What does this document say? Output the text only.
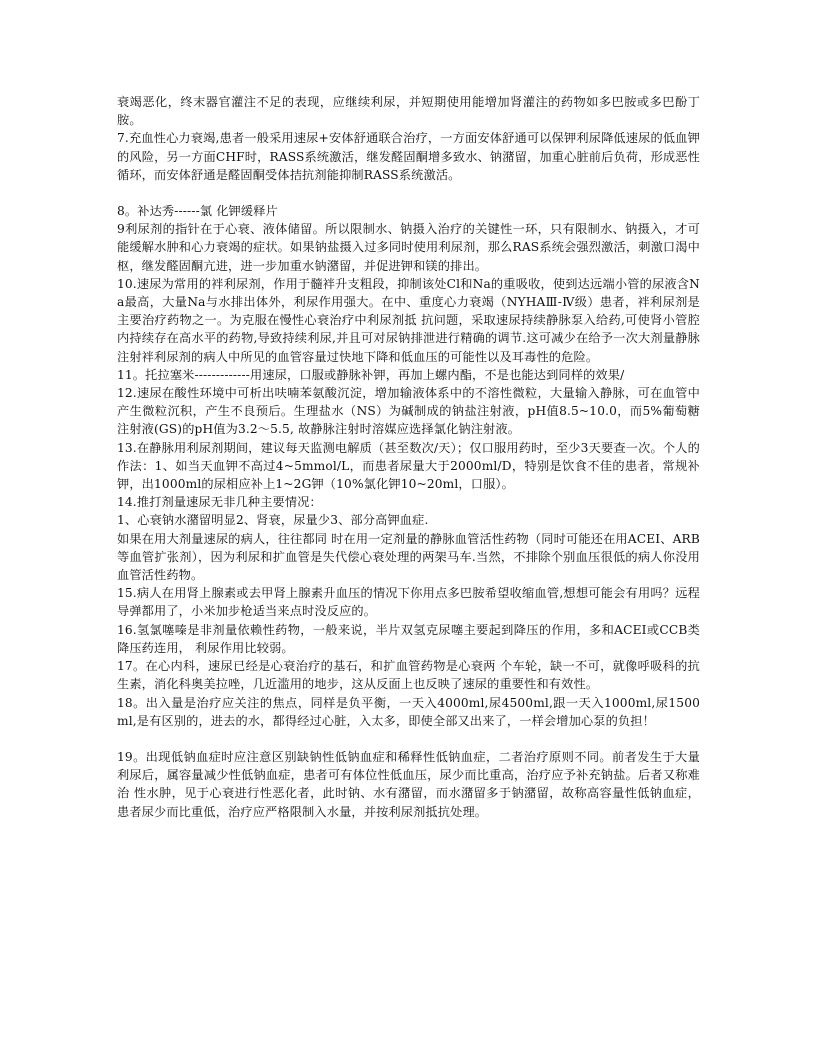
衰竭恶化，终末器官灌注不足的表现，应继续利尿，并短期使用能增加肾灌注的药物如多巴胺或多巴酚丁胺。

7.充血性心力衰竭,患者一般采用速尿+安体舒通联合治疗，一方面安体舒通可以保钾利尿降低速尿的低血钾的风险，另一方面CHF时，RASS系统激活，继发醛固酮增多致水、钠潴留，加重心脏前后负荷，形成恶性循环，而安体舒通是醛固酮受体拮抗剂能抑制RASS系统激活。

8。补达秀------氯 化钾缓释片

9利尿剂的指针在于心衰、液体储留。所以限制水、钠摄入治疗的关键性一环，只有限制水、钠摄入，才可能缓解水肿和心力衰竭的症状。如果钠盐摄入过多同时使用利尿剂，那么RAS系统会强烈激活，刺激口渴中枢，继发醛固酮亢进，进一步加重水钠潴留，并促进钾和镁的排出。

10.速尿为常用的袢利尿剂，作用于髓袢升支粗段，抑制该处Cl和Na的重吸收，使到达远端小管的尿液含Na最高，大量Na与水排出体外，利尿作用强大。在中、重度心力衰竭（NYHAⅢ-Ⅳ级）患者，袢利尿剂是主要治疗药物之一。为克服在慢性心衰治疗中利尿剂抵 抗问题，采取速尿持续静脉泵入给药,可使肾小管腔内持续存在高水平的药物,导致持续利尿,并且可对尿钠排泄进行精确的调节.这可减少在给予一次大剂量静脉注射袢利尿剂的病人中所见的血管容量过快地下降和低血压的可能性以及耳毒性的危险。

11。托拉塞米-------------用速尿，口服或静脉补钾，再加上螺内酯，不是也能达到同样的效果/

12.速尿在酸性环境中可析出呋喃苯氨酸沉淀，增加输液体系中的不溶性微粒，大量输入静脉，可在血管中产生微粒沉积，产生不良预后。生理盐水（NS）为碱制成的钠盐注射液，pH值8.5~10.0，而5%葡萄糖注射液(GS)的pH值为3.2～5.5, 故静脉注射时溶媒应选择氯化钠注射液。

13.在静脉用利尿剂期间，建议每天监测电解质（甚至数次/天）；仅口服用药时，至少3天要查一次。个人的作法：1、如当天血钾不高过4~5mmol/L，而患者尿量大于2000ml/D，特别是饮食不佳的患者，常规补钾，出1000ml的尿相应补上1~2G钾（10%氯化钾10~20ml，口服）。

14.推打剂量速尿无非几种主要情况：

1、心衰钠水潴留明显2、肾衰，尿量少3、部分高钾血症.

如果在用大剂量速尿的病人，往往都同 时在用一定剂量的静脉血管活性药物（同时可能还在用ACEI、ARB等血管扩张剂），因为利尿和扩血管是失代偿心衰处理的两架马车.当然，不排除个别血压很低的病人你没用血管活性药物。

15.病人在用肾上腺素或去甲肾上腺素升血压的情况下你用点多巴胺希望收缩血管,想想可能会有用吗？远程导弹都用了，小米加步枪适当来点时没反应的。

16.氢氯噻嗪是非剂量依赖性药物，一般来说，半片双氢克尿噻主要起到降压的作用，多和ACEI或CCB类降压药连用， 利尿作用比较弱。

17。在心内科，速尿已经是心衰治疗的基石，和扩血管药物是心衰两 个车轮，缺一不可，就像呼吸科的抗生素，消化科奥美拉唑，几近滥用的地步，这从反面上也反映了速尿的重要性和有效性。

18。出入量是治疗应关注的焦点，同样是负平衡，一天入4000ml,尿4500ml,跟一天入1000ml,尿1500ml,是有区别的，进去的水，都得经过心脏，入太多，即使全部又出来了，一样会增加心泵的负担！

19。出现低钠血症时应注意区别缺钠性低钠血症和稀释性低钠血症，二者治疗原则不同。前者发生于大量利尿后，属容量减少性低钠血症，患者可有体位性低血压，尿少而比重高，治疗应予补充钠盐。后者又称难治 性水肿，见于心衰进行性恶化者，此时钠、水有潴留，而水潴留多于钠潴留，故称高容量性低钠血症，患者尿少而比重低，治疗应严格限制入水量，并按利尿剂抵抗处理。
